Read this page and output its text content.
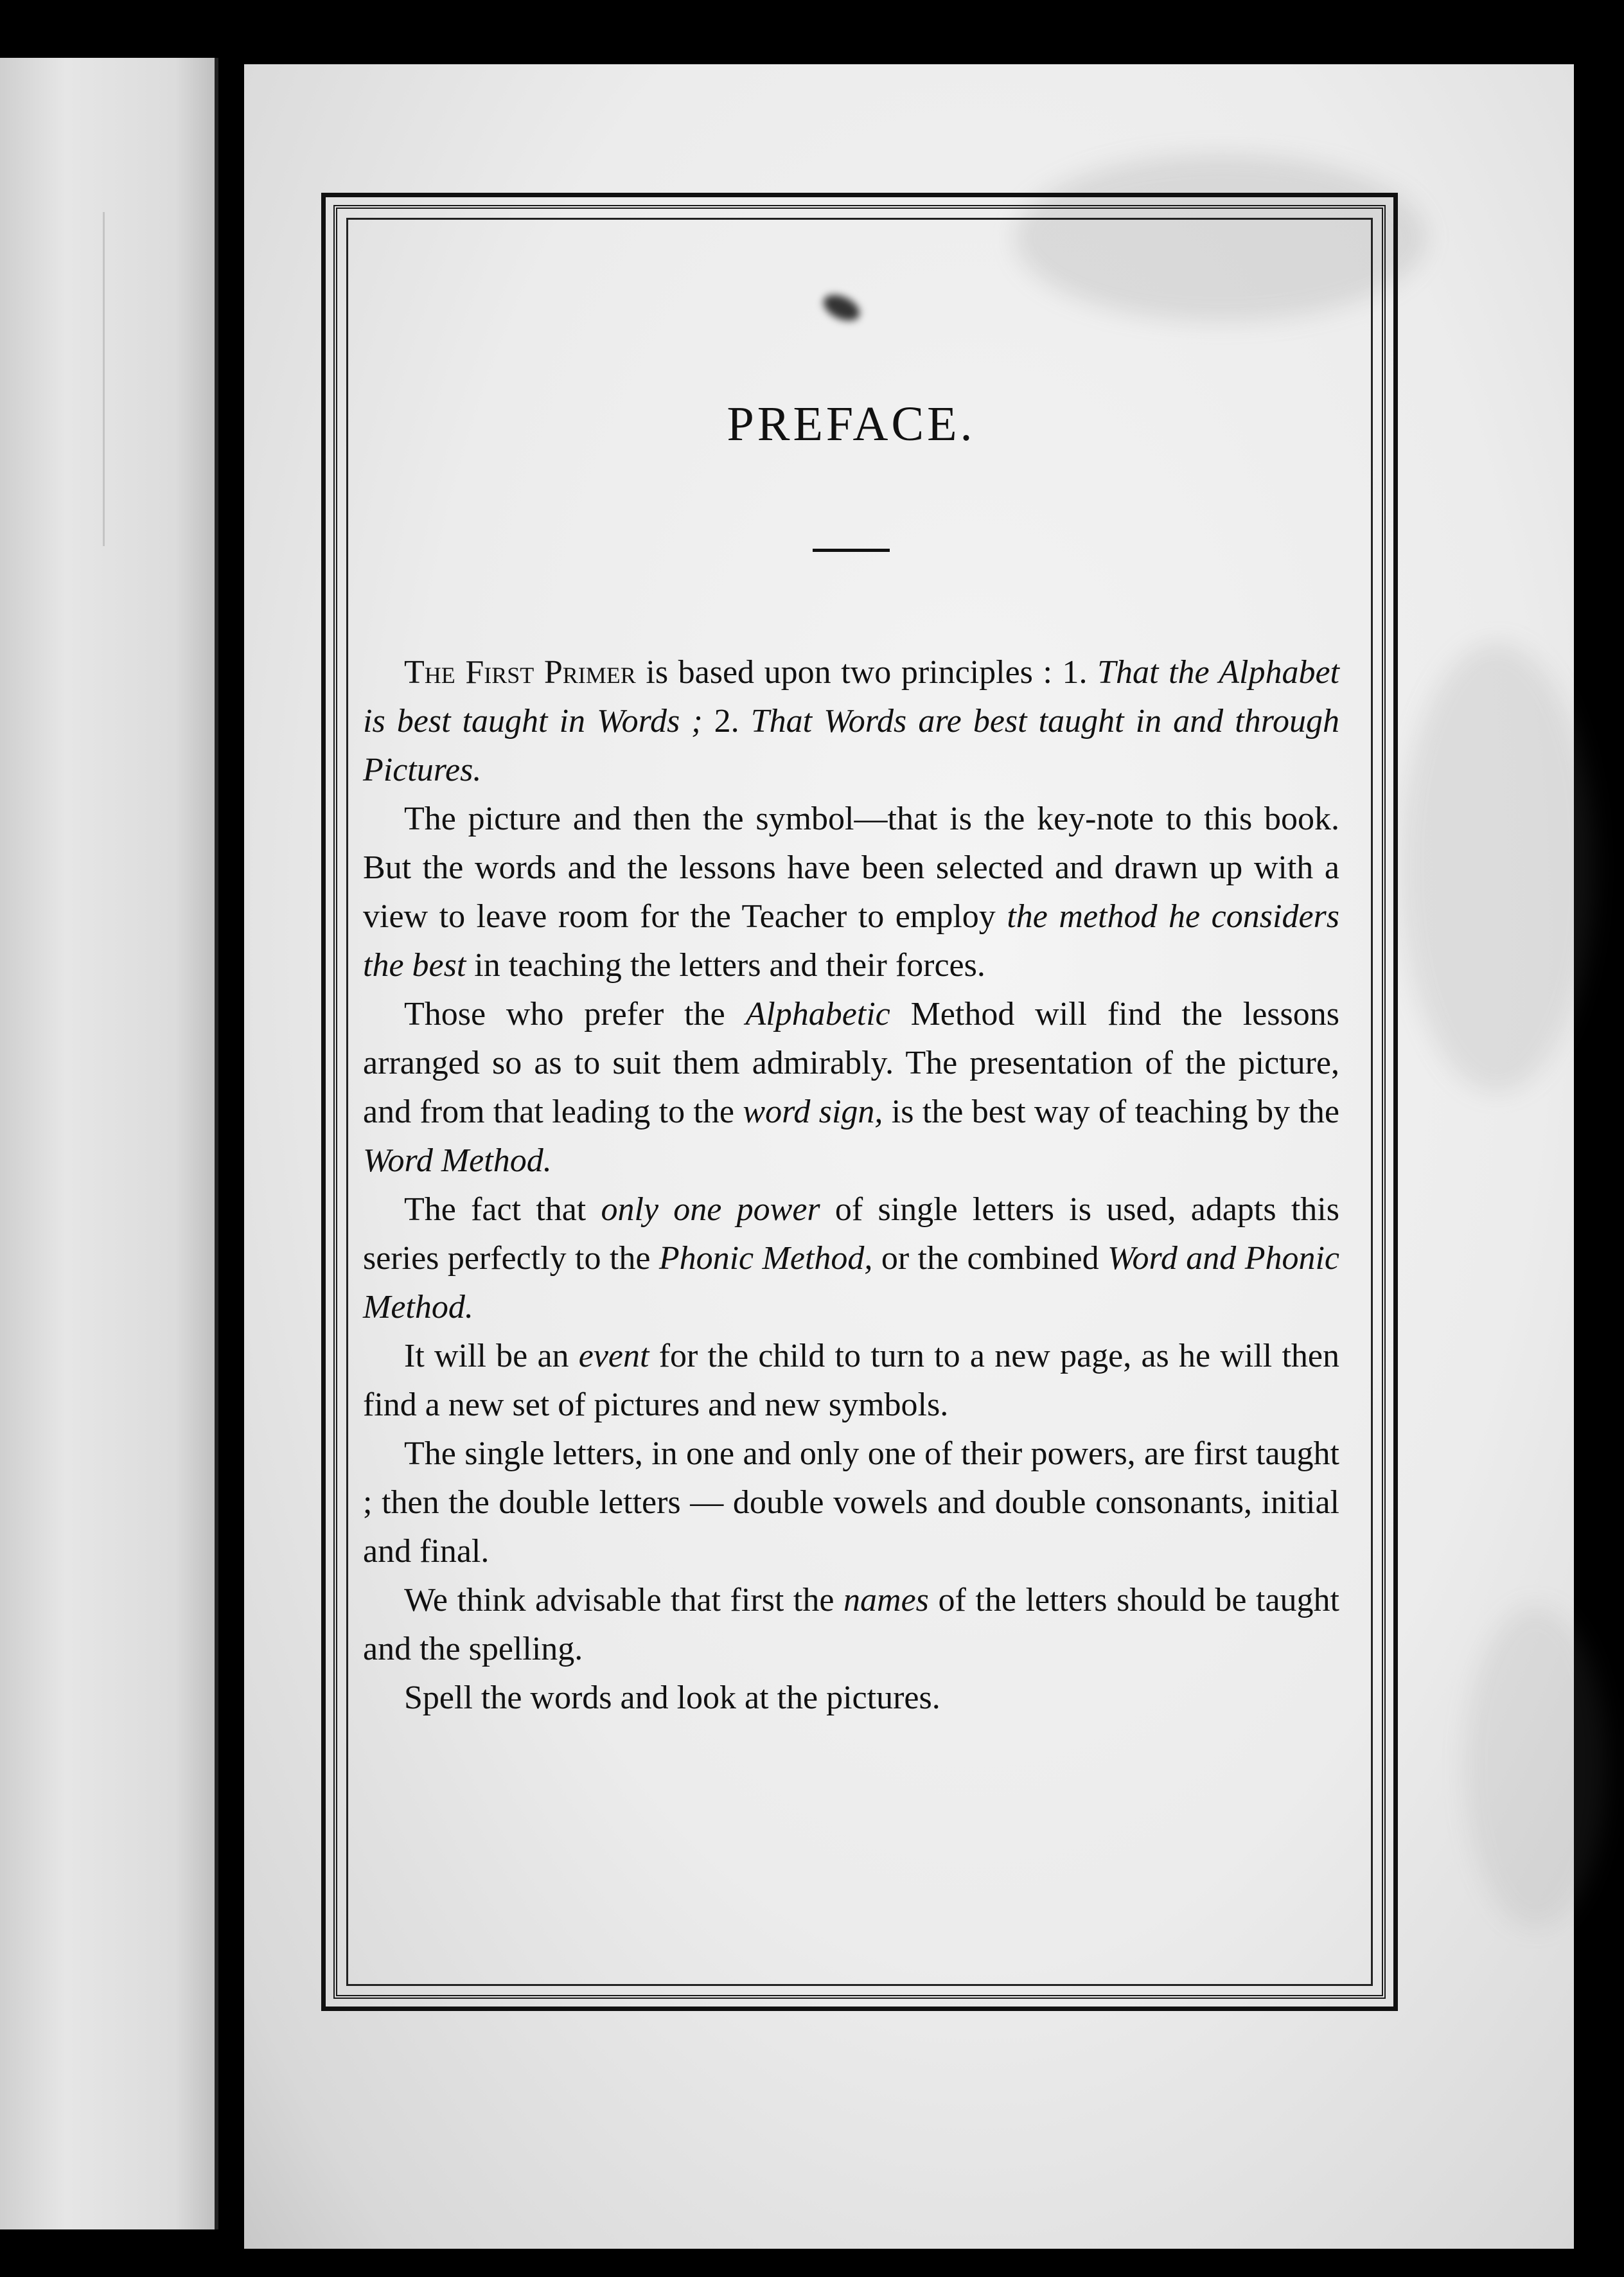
PREFACE.

The First Primer is based upon two principles : 1. That the Alphabet is best taught in Words ; 2. That Words are best taught in and through Pictures.

The picture and then the symbol—that is the key-note to this book. But the words and the lessons have been selected and drawn up with a view to leave room for the Teacher to employ the method he considers the best in teaching the letters and their forces.

Those who prefer the Alphabetic Method will find the lessons arranged so as to suit them admirably. The presentation of the picture, and from that leading to the word sign, is the best way of teaching by the Word Method.

The fact that only one power of single letters is used, adapts this series perfectly to the Phonic Method, or the combined Word and Phonic Method.

It will be an event for the child to turn to a new page, as he will then find a new set of pictures and new symbols.

The single letters, in one and only one of their powers, are first taught ; then the double letters — double vowels and double consonants, initial and final.

We think advisable that first the names of the letters should be taught and the spelling.

Spell the words and look at the pictures.
